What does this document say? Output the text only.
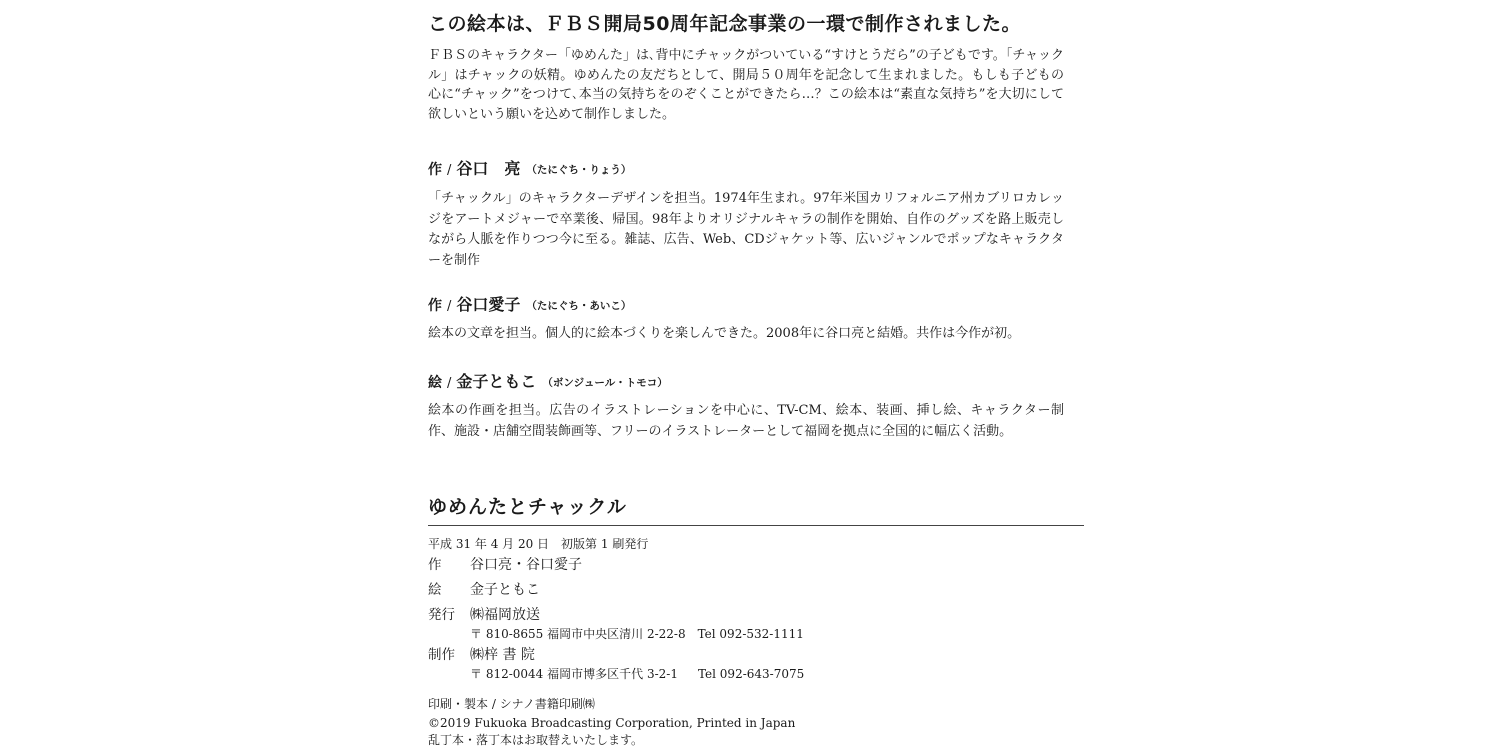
この絵本は、ＦＢＳ開局50周年記念事業の一環で制作されました。

ＦＢＳのキャラクター「ゆめんた」は､背中にチャックがついている“すけとうだら”の子どもです。「チャックル」はチャックの妖精。ゆめんたの友だちとして、開局５０周年を記念して生まれました。もしも子どもの心に“チャック”をつけて､本当の気持ちをのぞくことができたら…？この絵本は“素直な気持ち”を大切にして欲しいという願いを込めて制作しました。

作 / 谷口　亮 （たにぐち・りょう）

「チャックル」のキャラクターデザインを担当。1974年生まれ。97年米国カリフォルニア州カブリロカレッジをアートメジャーで卒業後、帰国。98年よりオリジナルキャラの制作を開始、自作のグッズを路上販売しながら人脈を作りつつ今に至る。雑誌、広告、Web、CDジャケット等、広いジャンルでポップなキャラクターを制作

作 / 谷口愛子 （たにぐち・あいこ）

絵本の文章を担当。個人的に絵本づくりを楽しんできた。2008年に谷口亮と結婚。共作は今作が初。

絵 / 金子ともこ （ボンジュール・トモコ）

絵本の作画を担当。広告のイラストレーションを中心に、TV-CM、絵本、装画、挿し絵、キャラクター制作、施設・店舗空間装飾画等、フリーのイラストレーターとして福岡を拠点に全国的に幅広く活動。

ゆめんたとチャックル

平成 31 年 4 月 20 日　初版第 1 刷発行

作 谷口亮・谷口愛子
絵 金子ともこ
発行 ㈱福岡放送
〒 810-8655 福岡市中央区清川 2-22-8 Tel 092-532-1111
制作 ㈱梓 書 院
〒 812-0044 福岡市博多区千代 3-2-1 Tel 092-643-7075

印刷・製本 / シナノ書籍印刷㈱

©2019 Fukuoka Broadcasting Corporation, Printed in Japan

乱丁本・落丁本はお取替えいたします。
